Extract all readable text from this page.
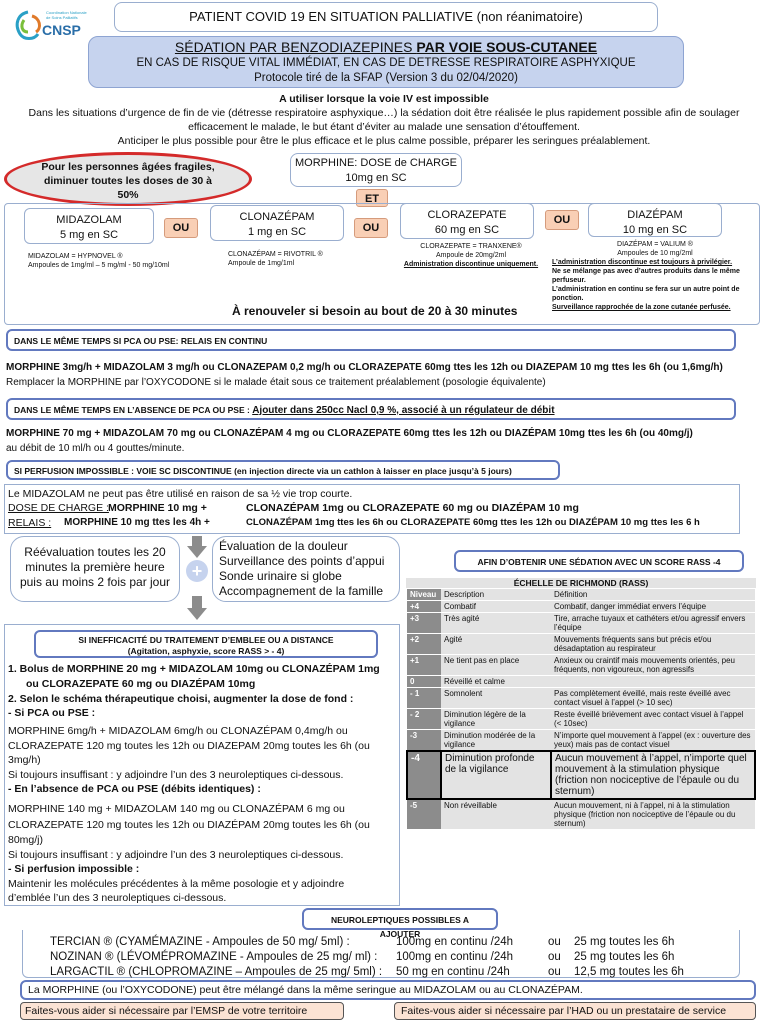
Coordination Nationale
de Soins Palliatifs
CNSP
PATIENT COVID 19 EN SITUATION PALLIATIVE (non réanimatoire)
SÉDATION PAR BENZODIAZEPINES PAR VOIE SOUS-CUTANEE
EN CAS DE RISQUE VITAL IMMÉDIAT, EN CAS DE DETRESSE RESPIRATOIRE ASPHYXIQUE
Protocole tiré de la SFAP (Version 3 du 02/04/2020)
A utiliser lorsque la voie IV est impossible
Dans les situations d’urgence de fin de vie (détresse respiratoire asphyxique…) la sédation doit être réalisée le plus rapidement possible afin de soulager
efficacement le malade, le but étant d’éviter au malade une sensation d’étouffement.
Anticiper le plus possible pour être le plus efficace et le plus calme possible, préparer les seringues préalablement.
Pour les personnes âgées fragiles,
diminuer toutes les doses de 30 à
50%
MORPHINE: DOSE de CHARGE
10mg en SC
ET
MIDAZOLAM
5 mg en SC
OU
CLONAZÉPAM
1 mg en SC	OU
CLORAZEPATE
60 mg en SC
OU	DIAZÉPAM
10 mg en SC
MIDAZOLAM = HYPNOVEL ®
Ampoules de 1mg/ml – 5 mg/ml - 50 mg/10ml
CLONAZÉPAM = RIVOTRIL ®
Ampoule de 1mg/1ml
CLORAZEPATE = TRANXENE®
Ampoule de 20mg/2ml
Administration discontinue uniquement.
DIAZÉPAM = VALIUM ®
Ampoules de 10 mg/2ml
L’administration discontinue est toujours à privilégier.
Ne se mélange pas avec d’autres produits dans le même
perfuseur.
L’administration en continu se fera sur un autre point de
ponction.
Surveillance rapprochée de la zone cutanée perfusée.
À renouveler si besoin au bout de 20 à 30 minutes
DANS LE MÊME TEMPS SI PCA OU PSE: RELAIS EN CONTINU
MORPHINE 3mg/h + MIDAZOLAM 3 mg/h ou CLONAZEPAM 0,2 mg/h ou CLORAZEPATE 60mg ttes les 12h ou DIAZEPAM 10 mg ttes les 6h (ou 1,6mg/h)
Remplacer la MORPHINE par l’OXYCODONE si le malade était sous ce traitement préalablement (posologie équivalente)
DANS LE MÊME TEMPS EN L’ABSENCE DE PCA OU PSE : Ajouter dans 250cc Nacl 0,9 %, associé à un régulateur de débit
MORPHINE 70 mg + MIDAZOLAM 70 mg ou CLONAZÉPAM 4 mg ou CLORAZEPATE 60mg ttes les 12h ou DIAZÉPAM 10mg ttes les 6h (ou 40mg/j)
au débit de 10 ml/h ou 4 gouttes/minute.
SI PERFUSION IMPOSSIBLE : VOIE SC DISCONTINUE (en injection directe via un cathlon à laisser en place jusqu’à 5 jours)
Le MIDAZOLAM ne peut pas être utilisé en raison de sa ½ vie trop courte.
DOSE DE CHARGE : MORPHINE 10 mg +	CLONAZÉPAM 1mg ou CLORAZEPATE 60 mg ou DIAZÉPAM 10 mg
RELAIS : MORPHINE 10 mg ttes les 4h +	CLONAZÉPAM 1mg ttes les 6h ou CLORAZEPATE 60mg ttes les 12h ou DIAZÉPAM 10 mg ttes les 6 h
Réévaluation toutes les 20
minutes la première heure
puis au moins 2 fois par jour
+
Évaluation de la douleur
Surveillance des points d’appui
Sonde urinaire si globe
Accompagnement de la famille
AFIN D’OBTENIR UNE SÉDATION AVEC UN SCORE RASS -4
ÉCHELLE DE RICHMOND (RASS)
Niveau	Description	Définition
+4	Combatif	Combatif, danger immédiat envers l’équipe
+3	Très agité	Tire, arrache tuyaux et cathéters et/ou agressif envers l’équipe
+2	Agité	Mouvements fréquents sans but précis et/ou désadaptation au respirateur
+1	Ne tient pas en place	Anxieux ou craintif mais mouvements orientés, peu fréquents, non vigoureux, non agressifs
0	Réveillé et calme	
- 1	Somnolent	Pas complètement éveillé, mais reste éveillé avec contact visuel à l’appel (> 10 sec)
- 2	Diminution légère de la vigilance	Reste éveillé brièvement avec contact visuel à l’appel (< 10sec)
-3	Diminution modérée de la vigilance	N’importe quel mouvement à l’appel (ex : ouverture des yeux) mais pas de contact visuel
-4	Diminution profonde de la vigilance	Aucun mouvement à l’appel, n’importe quel mouvement à la stimulation physique (friction non nociceptive de l’épaule ou du sternum)
-5	Non réveillable	Aucun mouvement, ni à l’appel, ni à la stimulation physique (friction non nociceptive de l’épaule ou du sternum)
SI INEFFICACITÉ DU TRAITEMENT D’EMBLEE OU A DISTANCE
(Agitation, asphyxie, score RASS > - 4)
1. Bolus de MORPHINE 20 mg + MIDAZOLAM 10mg ou CLONAZÉPAM 1mg
ou CLORAZEPATE 60 mg ou DIAZÉPAM 10mg
2. Selon le schéma thérapeutique choisi, augmenter la dose de fond :
- Si PCA ou PSE :
MORPHINE 6mg/h + MIDAZOLAM 6mg/h ou CLONAZÉPAM 0,4mg/h ou
CLORAZEPATE 120 mg toutes les 12h ou DIAZEPAM 20mg toutes les 6h (ou
3mg/h)
Si toujours insuffisant : y adjoindre l’un des 3 neuroleptiques ci-dessous.
- En l’absence de PCA ou PSE (débits identiques) :
MORPHINE 140 mg + MIDAZOLAM 140 mg ou CLONAZÉPAM 6 mg ou
CLORAZEPATE 120 mg toutes les 12h ou DIAZÉPAM 20mg toutes les 6h (ou
80mg/j)
Si toujours insuffisant : y adjoindre l’un des 3 neuroleptiques ci-dessous.
- Si perfusion impossible :
Maintenir les molécules précédentes à la même posologie et y adjoindre
d’emblée l’un des 3 neuroleptiques ci-dessous.
NEUROLEPTIQUES POSSIBLES A AJOUTER
TERCIAN ® (CYAMÉMAZINE - Ampoules de 50 mg/ 5ml) :	100mg en continu /24h	ou 25 mg toutes les 6h
NOZINAN ® (LÉVOMÉPROMAZINE - Ampoules de 25 mg/ ml) : 100mg en continu /24h	ou 25 mg toutes les 6h
LARGACTIL ® (CHLOPROMAZINE – Ampoules de 25 mg/ 5ml) : 50 mg en continu /24h	ou 12,5 mg toutes les 6h
La MORPHINE (ou l’OXYCODONE) peut être mélangé dans la même seringue au MIDAZOLAM ou au CLONAZÉPAM.
Faites-vous aider si nécessaire par l’EMSP de votre territoire	Faites-vous aider si nécessaire par l’HAD ou un prestataire de service
